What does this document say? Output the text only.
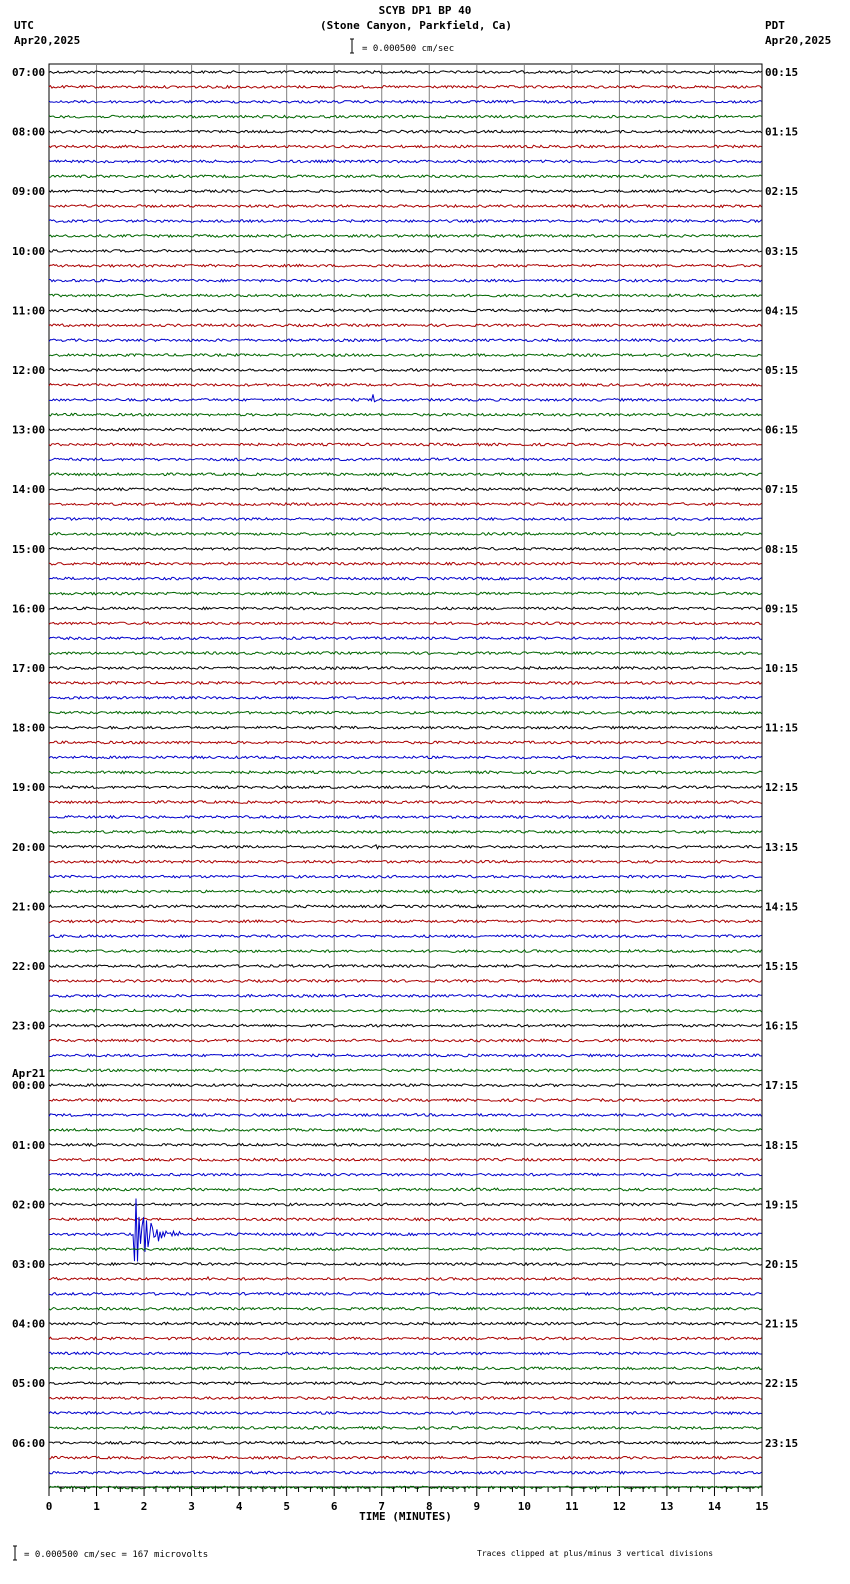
SCYB DP1 BP 40
(Stone Canyon, Parkfield, Ca)
UTC
Apr20,2025
PDT
Apr20,2025
= 0.000500 cm/sec
07:00
08:00
09:00
10:00
11:00
12:00
13:00
14:00
15:00
16:00
17:00
18:00
19:00
20:00
21:00
22:00
23:00
00:00
01:00
02:00
03:00
04:00
05:00
06:00
00:15
01:15
02:15
03:15
04:15
05:15
06:15
07:15
08:15
09:15
10:15
11:15
12:15
13:15
14:15
15:15
16:15
17:15
18:15
19:15
20:15
21:15
22:15
23:15
Apr21
0	1	2	3	4	5	6	7	8	9	10	11	12	13	14	15
TIME (MINUTES)
= 0.000500 cm/sec = 167 microvolts	Traces clipped at plus/minus 3 vertical divisions
